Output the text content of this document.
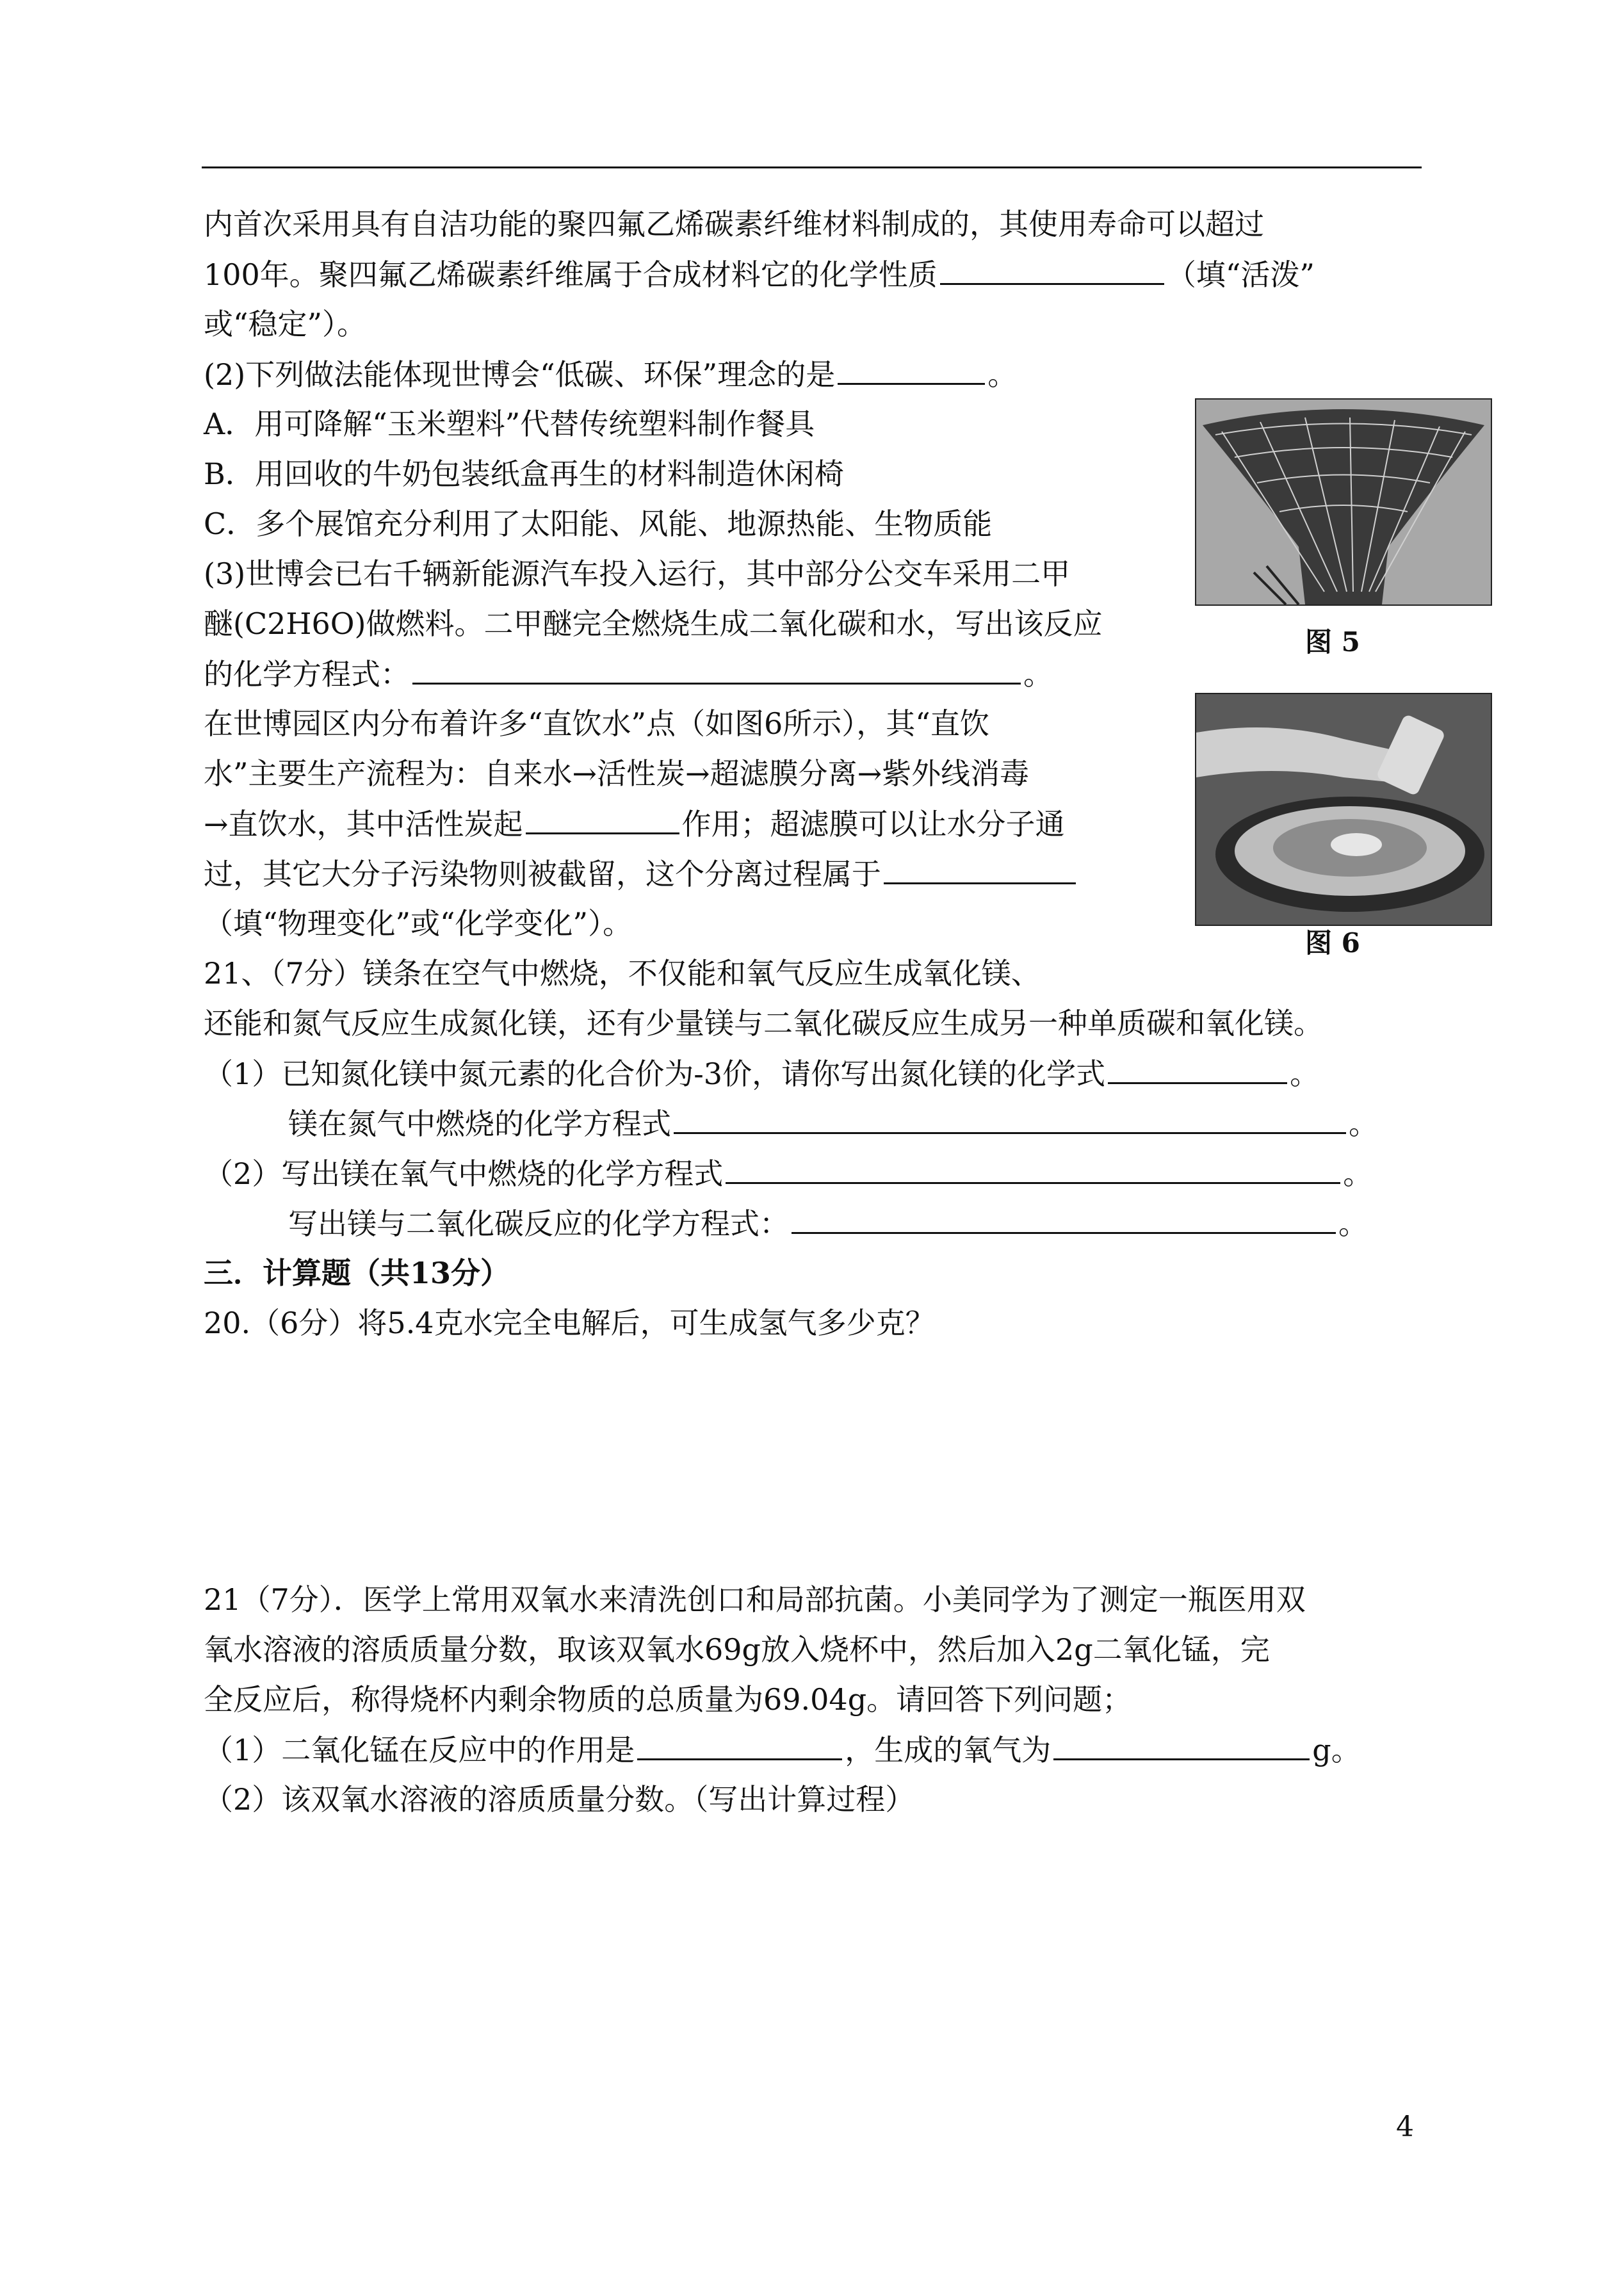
内首次采用具有自洁功能的聚四氟乙烯碳素纤维材料制成的，其使用寿命可以超过
100年。聚四氟乙烯碳素纤维属于合成材料它的化学性质	（填“活泼”
或“稳定”）。
(2)下列做法能体现世博会“低碳、环保”理念的是	。
A．用可降解“玉米塑料”代替传统塑料制作餐具
B．用回收的牛奶包装纸盒再生的材料制造休闲椅
C．多个展馆充分利用了太阳能、风能、地源热能、生物质能
(3)世博会已右千辆新能源汽车投入运行，其中部分公交车采用二甲
醚(C2H6O)做燃料。二甲醚完全燃烧生成二氧化碳和水，写出该反应
的化学方程式：	。
在世博园区内分布着许多“直饮水”点（如图6所示），其“直饮
水”主要生产流程为：自来水→活性炭→超滤膜分离→紫外线消毒
→直饮水，其中活性炭起	作用；超滤膜可以让水分子通
过，其它大分子污染物则被截留，这个分离过程属于
（填“物理变化”或“化学变化”）。
图 5
图 6
21、（7分）镁条在空气中燃烧，不仅能和氧气反应生成氧化镁、
还能和氮气反应生成氮化镁，还有少量镁与二氧化碳反应生成另一种单质碳和氧化镁。
（1）已知氮化镁中氮元素的化合价为-3价，请你写出氮化镁的化学式	。
镁在氮气中燃烧的化学方程式	。
（2）写出镁在氧气中燃烧的化学方程式	。
写出镁与二氧化碳反应的化学方程式：	。
三．计算题（共13分）
20.（6分）将5.4克水完全电解后，可生成氢气多少克？
21（7分）．医学上常用双氧水来清洗创口和局部抗菌。小美同学为了测定一瓶医用双
氧水溶液的溶质质量分数，取该双氧水69g放入烧杯中，然后加入2g二氧化锰，完
全反应后，称得烧杯内剩余物质的总质量为69.04g。请回答下列问题；
（1）二氧化锰在反应中的作用是	，生成的氧气为	g。
（2）该双氧水溶液的溶质质量分数。（写出计算过程）
4
